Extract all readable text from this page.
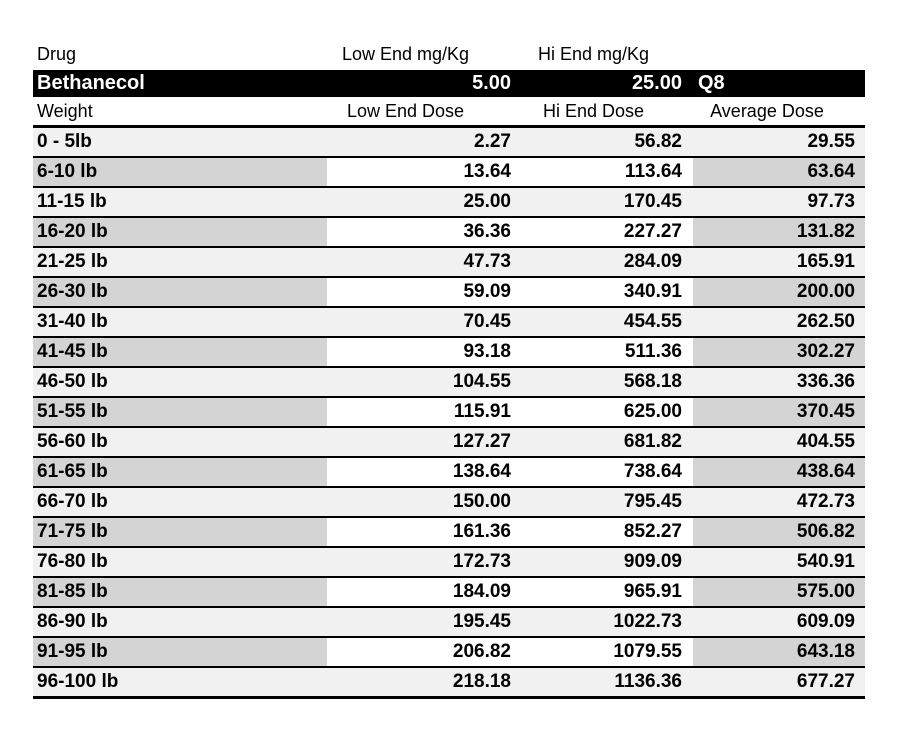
Drug	Low End mg/Kg	Hi End mg/Kg	
Bethanecol	5.00	25.00	Q8
Weight	Low End Dose	Hi End Dose	Average Dose
0 - 5lb	2.27	56.82	29.55
6-10 lb	13.64	113.64	63.64
11-15 lb	25.00	170.45	97.73
16-20 lb	36.36	227.27	131.82
21-25 lb	47.73	284.09	165.91
26-30 lb	59.09	340.91	200.00
31-40 lb	70.45	454.55	262.50
41-45 lb	93.18	511.36	302.27
46-50 lb	104.55	568.18	336.36
51-55 lb	115.91	625.00	370.45
56-60 lb	127.27	681.82	404.55
61-65 lb	138.64	738.64	438.64
66-70 lb	150.00	795.45	472.73
71-75 lb	161.36	852.27	506.82
76-80 lb	172.73	909.09	540.91
81-85 lb	184.09	965.91	575.00
86-90 lb	195.45	1022.73	609.09
91-95 lb	206.82	1079.55	643.18
96-100 lb	218.18	1136.36	677.27
